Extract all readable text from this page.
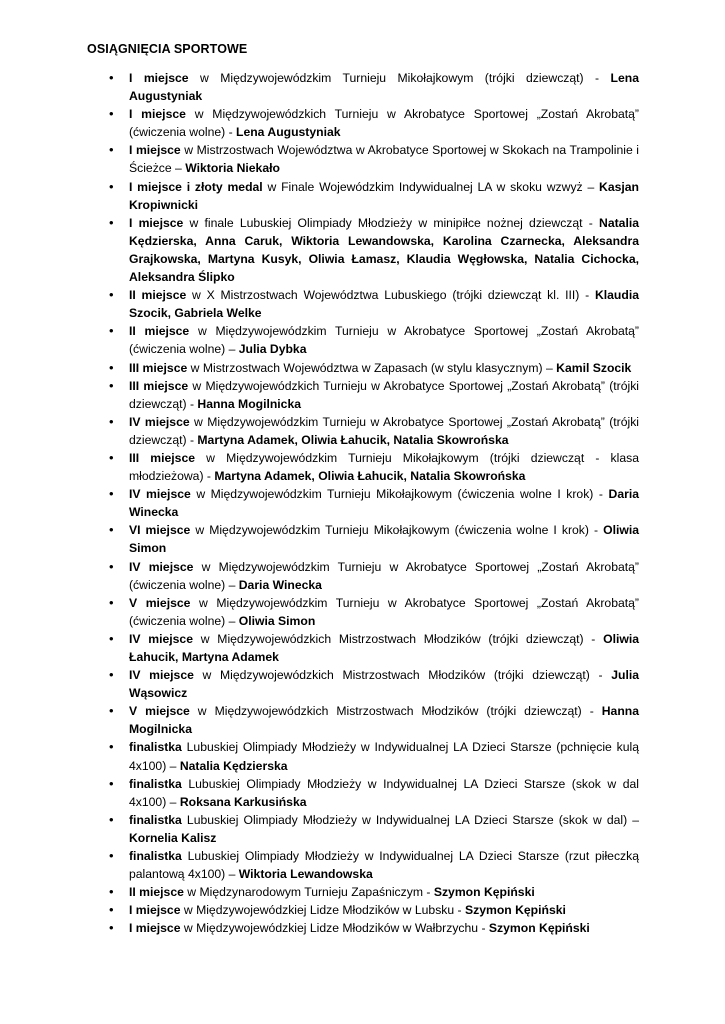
OSIĄGNIĘCIA SPORTOWE
• I miejsce w Międzywojewódzkim Turnieju Mikołajkowym (trójki dziewcząt) - Lena Augustyniak
• I miejsce w Międzywojewódzkich Turnieju w Akrobatyce Sportowej „Zostań Akrobatą” (ćwiczenia wolne) - Lena Augustyniak
• I miejsce w Mistrzostwach Województwa w Akrobatyce Sportowej w Skokach na Trampolinie i Ścieżce – Wiktoria Niekało
• I miejsce i złoty medal w Finale Wojewódzkim Indywidualnej LA w skoku wzwyż – Kasjan Kropiwnicki
• I miejsce w finale Lubuskiej Olimpiady Młodzieży w minipiłce nożnej dziewcząt - Natalia Kędzierska, Anna Caruk, Wiktoria Lewandowska, Karolina Czarnecka, Aleksandra Grajkowska, Martyna Kusyk, Oliwia Łamasz, Klaudia Węgłowska, Natalia Cichocka, Aleksandra Ślipko
• II miejsce w X Mistrzostwach Województwa Lubuskiego (trójki dziewcząt kl. III) - Klaudia Szocik, Gabriela Welke
• II miejsce w Międzywojewódzkim Turnieju w Akrobatyce Sportowej „Zostań Akrobatą” (ćwiczenia wolne) – Julia Dybka
• III miejsce w Mistrzostwach Województwa w Zapasach (w stylu klasycznym) – Kamil Szocik
• III miejsce w Międzywojewódzkich Turnieju w Akrobatyce Sportowej „Zostań Akrobatą” (trójki dziewcząt) - Hanna Mogilnicka
• IV miejsce w Międzywojewódzkim Turnieju w Akrobatyce Sportowej „Zostań Akrobatą” (trójki dziewcząt) - Martyna Adamek, Oliwia Łahucik, Natalia Skowrońska
• III miejsce w Międzywojewódzkim Turnieju Mikołajkowym (trójki dziewcząt - klasa młodzieżowa) - Martyna Adamek, Oliwia Łahucik, Natalia Skowrońska
• IV miejsce w Międzywojewódzkim Turnieju Mikołajkowym (ćwiczenia wolne I krok) - Daria Winecka
• VI miejsce w Międzywojewódzkim Turnieju Mikołajkowym (ćwiczenia wolne I krok) - Oliwia Simon
• IV miejsce w Międzywojewódzkim Turnieju w Akrobatyce Sportowej „Zostań Akrobatą” (ćwiczenia wolne) – Daria Winecka
• V miejsce w Międzywojewódzkim Turnieju w Akrobatyce Sportowej „Zostań Akrobatą” (ćwiczenia wolne) – Oliwia Simon
• IV miejsce w Międzywojewódzkich Mistrzostwach Młodzików (trójki dziewcząt) - Oliwia Łahucik, Martyna Adamek
• IV miejsce w Międzywojewódzkich Mistrzostwach Młodzików (trójki dziewcząt) - Julia Wąsowicz
• V miejsce w Międzywojewódzkich Mistrzostwach Młodzików (trójki dziewcząt) - Hanna Mogilnicka
• finalistka Lubuskiej Olimpiady Młodzieży w Indywidualnej LA Dzieci Starsze (pchnięcie kulą 4x100) – Natalia Kędzierska
• finalistka Lubuskiej Olimpiady Młodzieży w Indywidualnej LA Dzieci Starsze (skok w dal 4x100) – Roksana Karkusińska
• finalistka Lubuskiej Olimpiady Młodzieży w Indywidualnej LA Dzieci Starsze (skok w dal) – Kornelia Kalisz
• finalistka Lubuskiej Olimpiady Młodzieży w Indywidualnej LA Dzieci Starsze (rzut piłeczką palantową 4x100) – Wiktoria Lewandowska
• II miejsce w Międzynarodowym Turnieju Zapaśniczym - Szymon Kępiński
• I miejsce w Międzywojewódzkiej Lidze Młodzików w Lubsku - Szymon Kępiński
• I miejsce w Międzywojewódzkiej Lidze Młodzików w Wałbrzychu - Szymon Kępiński
